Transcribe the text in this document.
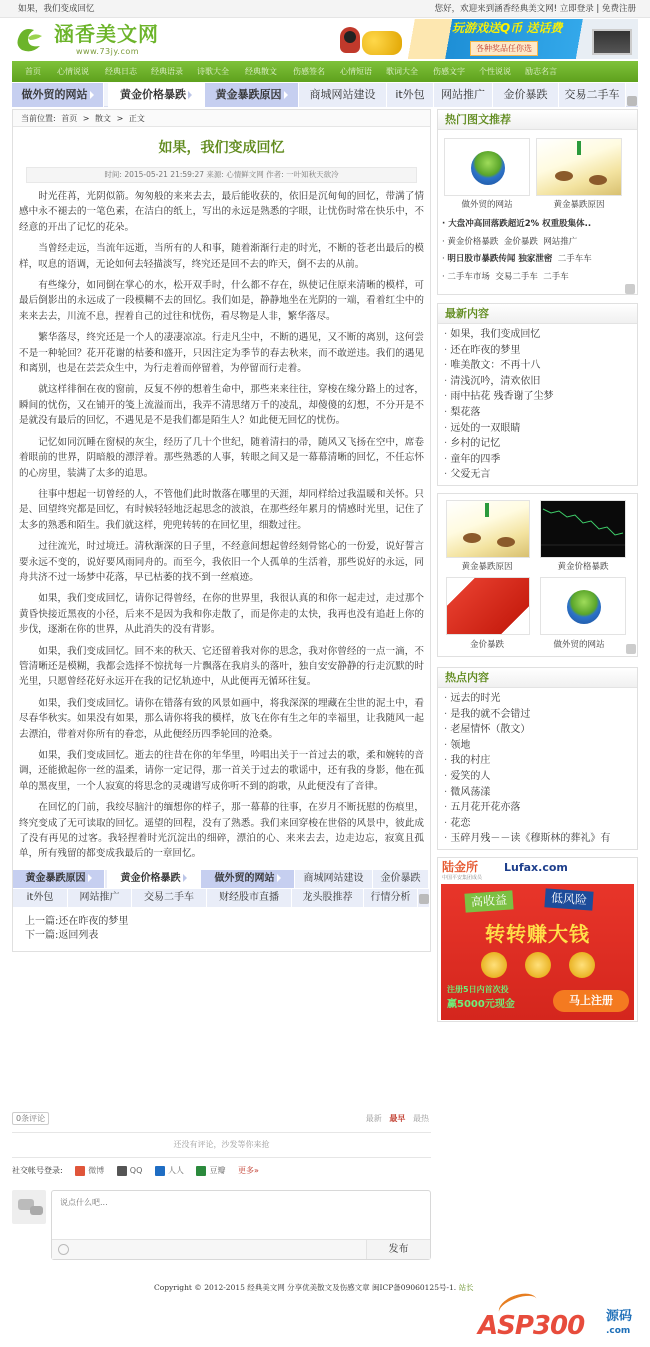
如果，我们变成回忆	您好，欢迎来到涵香经典美文网! 立即登录 | 免费注册
涵香美文网
www.73jy.com
玩游戏送Q币 送话费
各种奖品任你选
首页 心情说说 经典日志 经典语录 诗歌大全 经典散文 伤感签名 心情短语 歌词大全 伤感文字 个性说说 励志名言
做外贸的网站	黄金价格暴跌	黄金暴跌原因	商城网站建设	it外包	网站推广	金价暴跌	交易二手车
当前位置: 首页 > 散文 > 正文
如果，我们变成回忆
时间: 2015-05-21 21:59:27 来源: 心情鲜文网 作者: 一叶知秋天欲冷

时光荏苒，光阴似箭。匆匆般的来来去去，最后能收获的，依旧是沉甸甸的回忆，带满了情感中永不褪去的一笔色素，在洁白的纸上，写出的永远是熟悉的字眼，让忧伤时常在快乐中，不经意的开出了记忆的花朵。

当曾经走远，当流年远逝，当所有的人和事，随着渐渐行走的时光，不断的苍老出最后的模样，叹息的语调，无论如何去轻描淡写，终究还是回不去的昨天，倒不去的从前。

有些缘分，如同倒在掌心的水，松开双手时，什么都不存在，纵使记住原来清晰的模样，可最后倒影出的永远成了一段模糊不去的回忆。我们如是，静静地坐在光阴的一端，看着红尘中的来来去去，川流不息，捏着自己的过往和忧伤，看尽物是人非，繁华落尽。

繁华落尽，终究还是一个人的凄凄凉凉。行走凡尘中，不断的遇见，又不断的离别，这何尝不是一种轮回？花开花谢的枯萎和盛开，只因注定为季节的春去秋来，而不敢逆违。我们的遇见和离别，也是在芸芸众生中，为行走着而停留着，为停留而行走着。

就这样徘徊在夜的窗前，反复不停的想着生命中，那些来来往往，穿梭在缘分路上的过客，瞬间的忧伤，又在铺开的笺上流溢而出，我弄不清思绪万千的凌乱，却傻傻的幻想，不分开是不是就没有最后的回忆，不遇见是不是我们都是陌生人？如此便无回忆的忧伤。

记忆如同沉睡在窗棂的灰尘，经历了几十个世纪，随着清扫的帚，随风又飞扬在空中，席卷着眼前的世界，阴暗般的漂浮着。那些熟悉的人事，转眼之间又是一幕幕清晰的回忆，不任忘怀的心房里，装满了太多的追思。

往事中想起一切曾经的人，不管他们此时散落在哪里的天涯，却同样给过我温暖和关怀。只是、回望终究都是回忆，有时候轻轻地泛起思念的波浪，在那些经年累月的情感时光里，记住了太多的熟悉和陌生。我们就这样，兜兜转转的在回忆里，细数过往。

过往流光，时过境迁。清秋渐深的日子里，不经意间想起曾经刻骨铭心的一份爱，说好誓言要永远不变的，说好要风雨同舟的。而至今，我依旧一个人孤单的生活着，那些说好的永远，同舟共济不过一场梦中花落，早已枯萎的找不到一丝痕迹。

如果，我们变成回忆，请你记得曾经，在你的世界里，我很认真的和你一起走过，走过那个黄昏快接近黑夜的小径，后来不是因为我和你走散了，而是你走的太快，我再也没有追赶上你的步伐，逐渐在你的世界，从此消失的没有背影。

如果，我们变成回忆。回不来的秋天、它还留着我对你的思念，我对你曾经的一点一滴，不管清晰还是模糊，我都会选择不惊扰每一片飘落在我肩头的落叶，独自安安静静的行走沉默的时光里，只愿曾经花好永远开在我的记忆轨迹中，从此便再无循环往复。

如果，我们变成回忆。请你在错落有致的风景如画中，将我深深的埋藏在尘世的泥土中，看尽春华秋实。如果没有如果，那么请你将我的模样，放飞在你有生之年的幸福里，让我随风一起去漂泊，带着对你所有的眷恋，从此便经历四季轮回的沧桑。

如果，我们变成回忆。逝去的往昔在你的年华里，吟唱出关于一首过去的歌，柔和婉转的音调，还能掀起你一丝的温柔，请你一定记得，那一首关于过去的歌谣中，还有我的身影，他在孤单的黑夜里，一个人寂寞的将思念的灵魂谱写成你听不到的韵歌，从此便没有了音律。

在回忆的门前，我绞尽脑汁的缅想你的样子，那一幕幕的往事，在岁月不断抚慰的伤痕里，终究变成了无可读取的回忆。遥望的回程，没有了熟悉。我们来回穿梭在世俗的风景中，彼此成了没有再见的过客。我轻捏着时光沉淀出的细碎，漂泊的心、来来去去，边走边忘，寂寞且孤单，所有残留的都变成我最后的一章回忆。

黄金暴跌原因	黄金价格暴跌	做外贸的网站	商城网站建设	金价暴跌
it外包	网站推广	交易二手车	财经股市直播	龙头股推荐	行情分析
上一篇:还在昨夜的梦里
下一篇:返回列表
0条评论	最新 最早 最热
还没有评论，沙发等你来抢
社交帐号登录:	微博	QQ	人人	豆瓣 更多»
说点什么吧...
发布
Copyright © 2012-2015 经典美文网 分享优美散文及伤感文章 闽ICP备09060125号-1. 站长
ASP300 源码
.com
热门图文推荐
做外贸的网站	黄金暴跌原因
· 大盘冲高回落跌超近2% 权重股集体..
· 黄金价格暴跌 金价暴跌 网站推广
· 明日股市暴跌传闻 独家泄密 二手车车
· 二手车市场 交易二手车 二手车
最新内容
· 如果，我们变成回忆
· 还在昨夜的梦里
· 唯美散文：不再十八
· 清浅沉吟，清欢依旧
· 雨中拈花 残香谢了尘梦
· 梨花落
· 远处的一双眼睛
· 乡村的记忆
· 童年的四季
· 父爱无言
黄金暴跌原因	黄金价格暴跌
金价暴跌	做外贸的网站
热点内容
· 远去的时光
· 是我的就不会错过
· 老屋情怀（散文）
· 领地
· 我的村庄
· 爱笑的人
· 微风荡漾
· 五月花开花亦落
· 花恋
· 玉碎月残－－读《穆斯林的葬礼》有
陆金所 Lufax.com
中国平安集团成员
高收益	低风险
转转赚大钱
注册5日内首次投
赢5000元现金	马上注册
